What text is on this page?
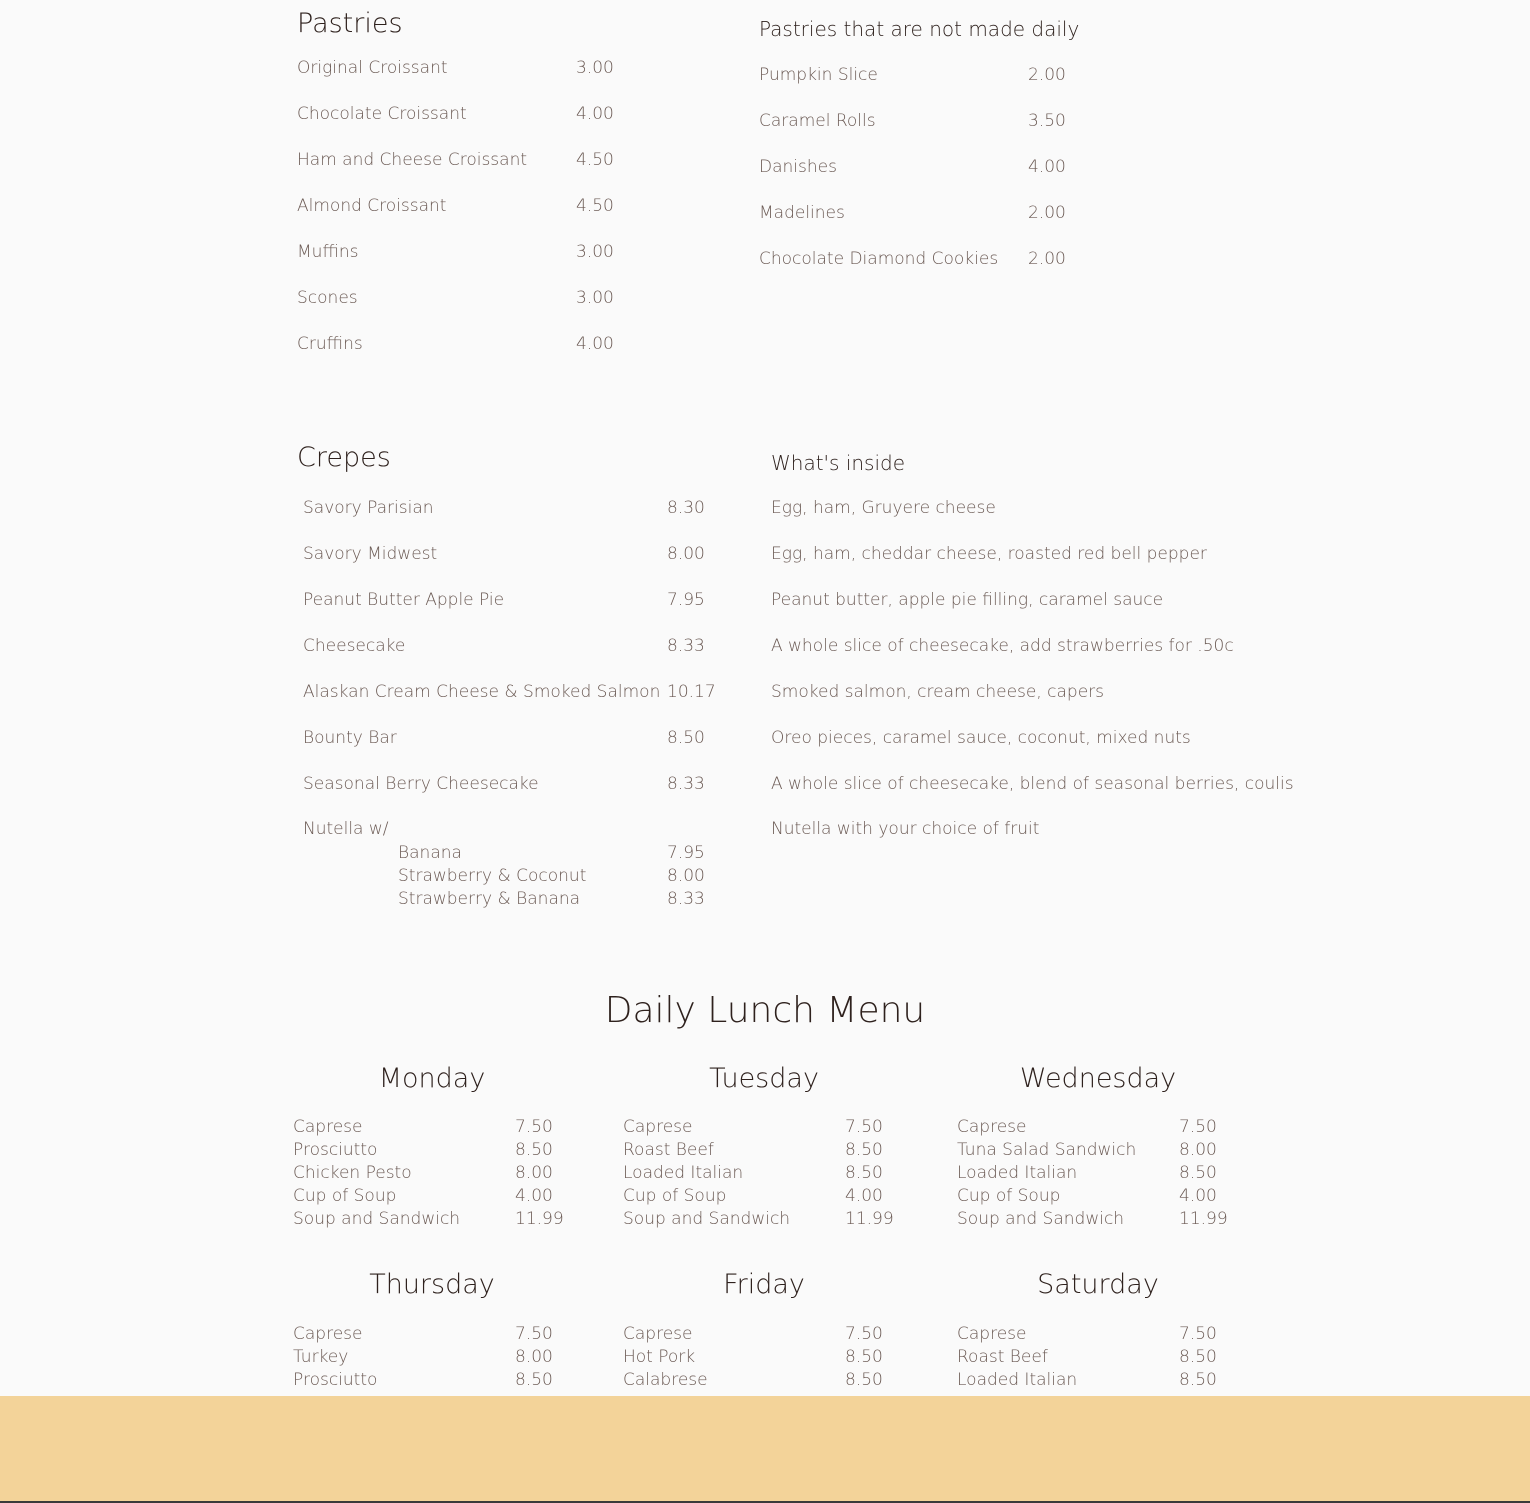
Pastries
Original Croissant	3.00
Chocolate Croissant	4.00
Ham and Cheese Croissant	4.50
Almond Croissant	4.50
Muffins	3.00
Scones	3.00
Cruffins	4.00
Pastries that are not made daily
Pumpkin Slice	2.00
Caramel Rolls	3.50
Danishes	4.00
Madelines	2.00
Chocolate Diamond Cookies 2.00
Crepes	What's inside
Savory Parisian	8.30	Egg, ham, Gruyere cheese
Savory Midwest	8.00	Egg, ham, cheddar cheese, roasted red bell pepper
Peanut Butter Apple Pie	7.95	Peanut butter, apple pie filling, caramel sauce
Cheesecake	8.33	A whole slice of cheesecake, add strawberries for .50c
Alaskan Cream Cheese & Smoked Salmon 10.17	Smoked salmon, cream cheese, capers
Bounty Bar	8.50	Oreo pieces, caramel sauce, coconut, mixed nuts
Seasonal Berry Cheesecake	8.33	A whole slice of cheesecake, blend of seasonal berries, coulis
Nutella w/	Nutella with your choice of fruit
Banana	7.95
Strawberry & Coconut	8.00
Strawberry & Banana	8.33
Daily Lunch Menu
Monday
Caprese	7.50
Prosciutto	8.50
Chicken Pesto	8.00
Cup of Soup	4.00
Soup and Sandwich	11.99
Tuesday
Caprese	7.50
Roast Beef	8.50
Loaded Italian	8.50
Cup of Soup	4.00
Soup and Sandwich	11.99
Wednesday
Caprese	7.50
Tuna Salad Sandwich	8.00
Loaded Italian	8.50
Cup of Soup	4.00
Soup and Sandwich	11.99
Thursday
Caprese	7.50
Turkey	8.00
Prosciutto	8.50
Friday
Caprese	7.50
Hot Pork	8.50
Calabrese	8.50
Saturday
Caprese	7.50
Roast Beef	8.50
Loaded Italian	8.50
